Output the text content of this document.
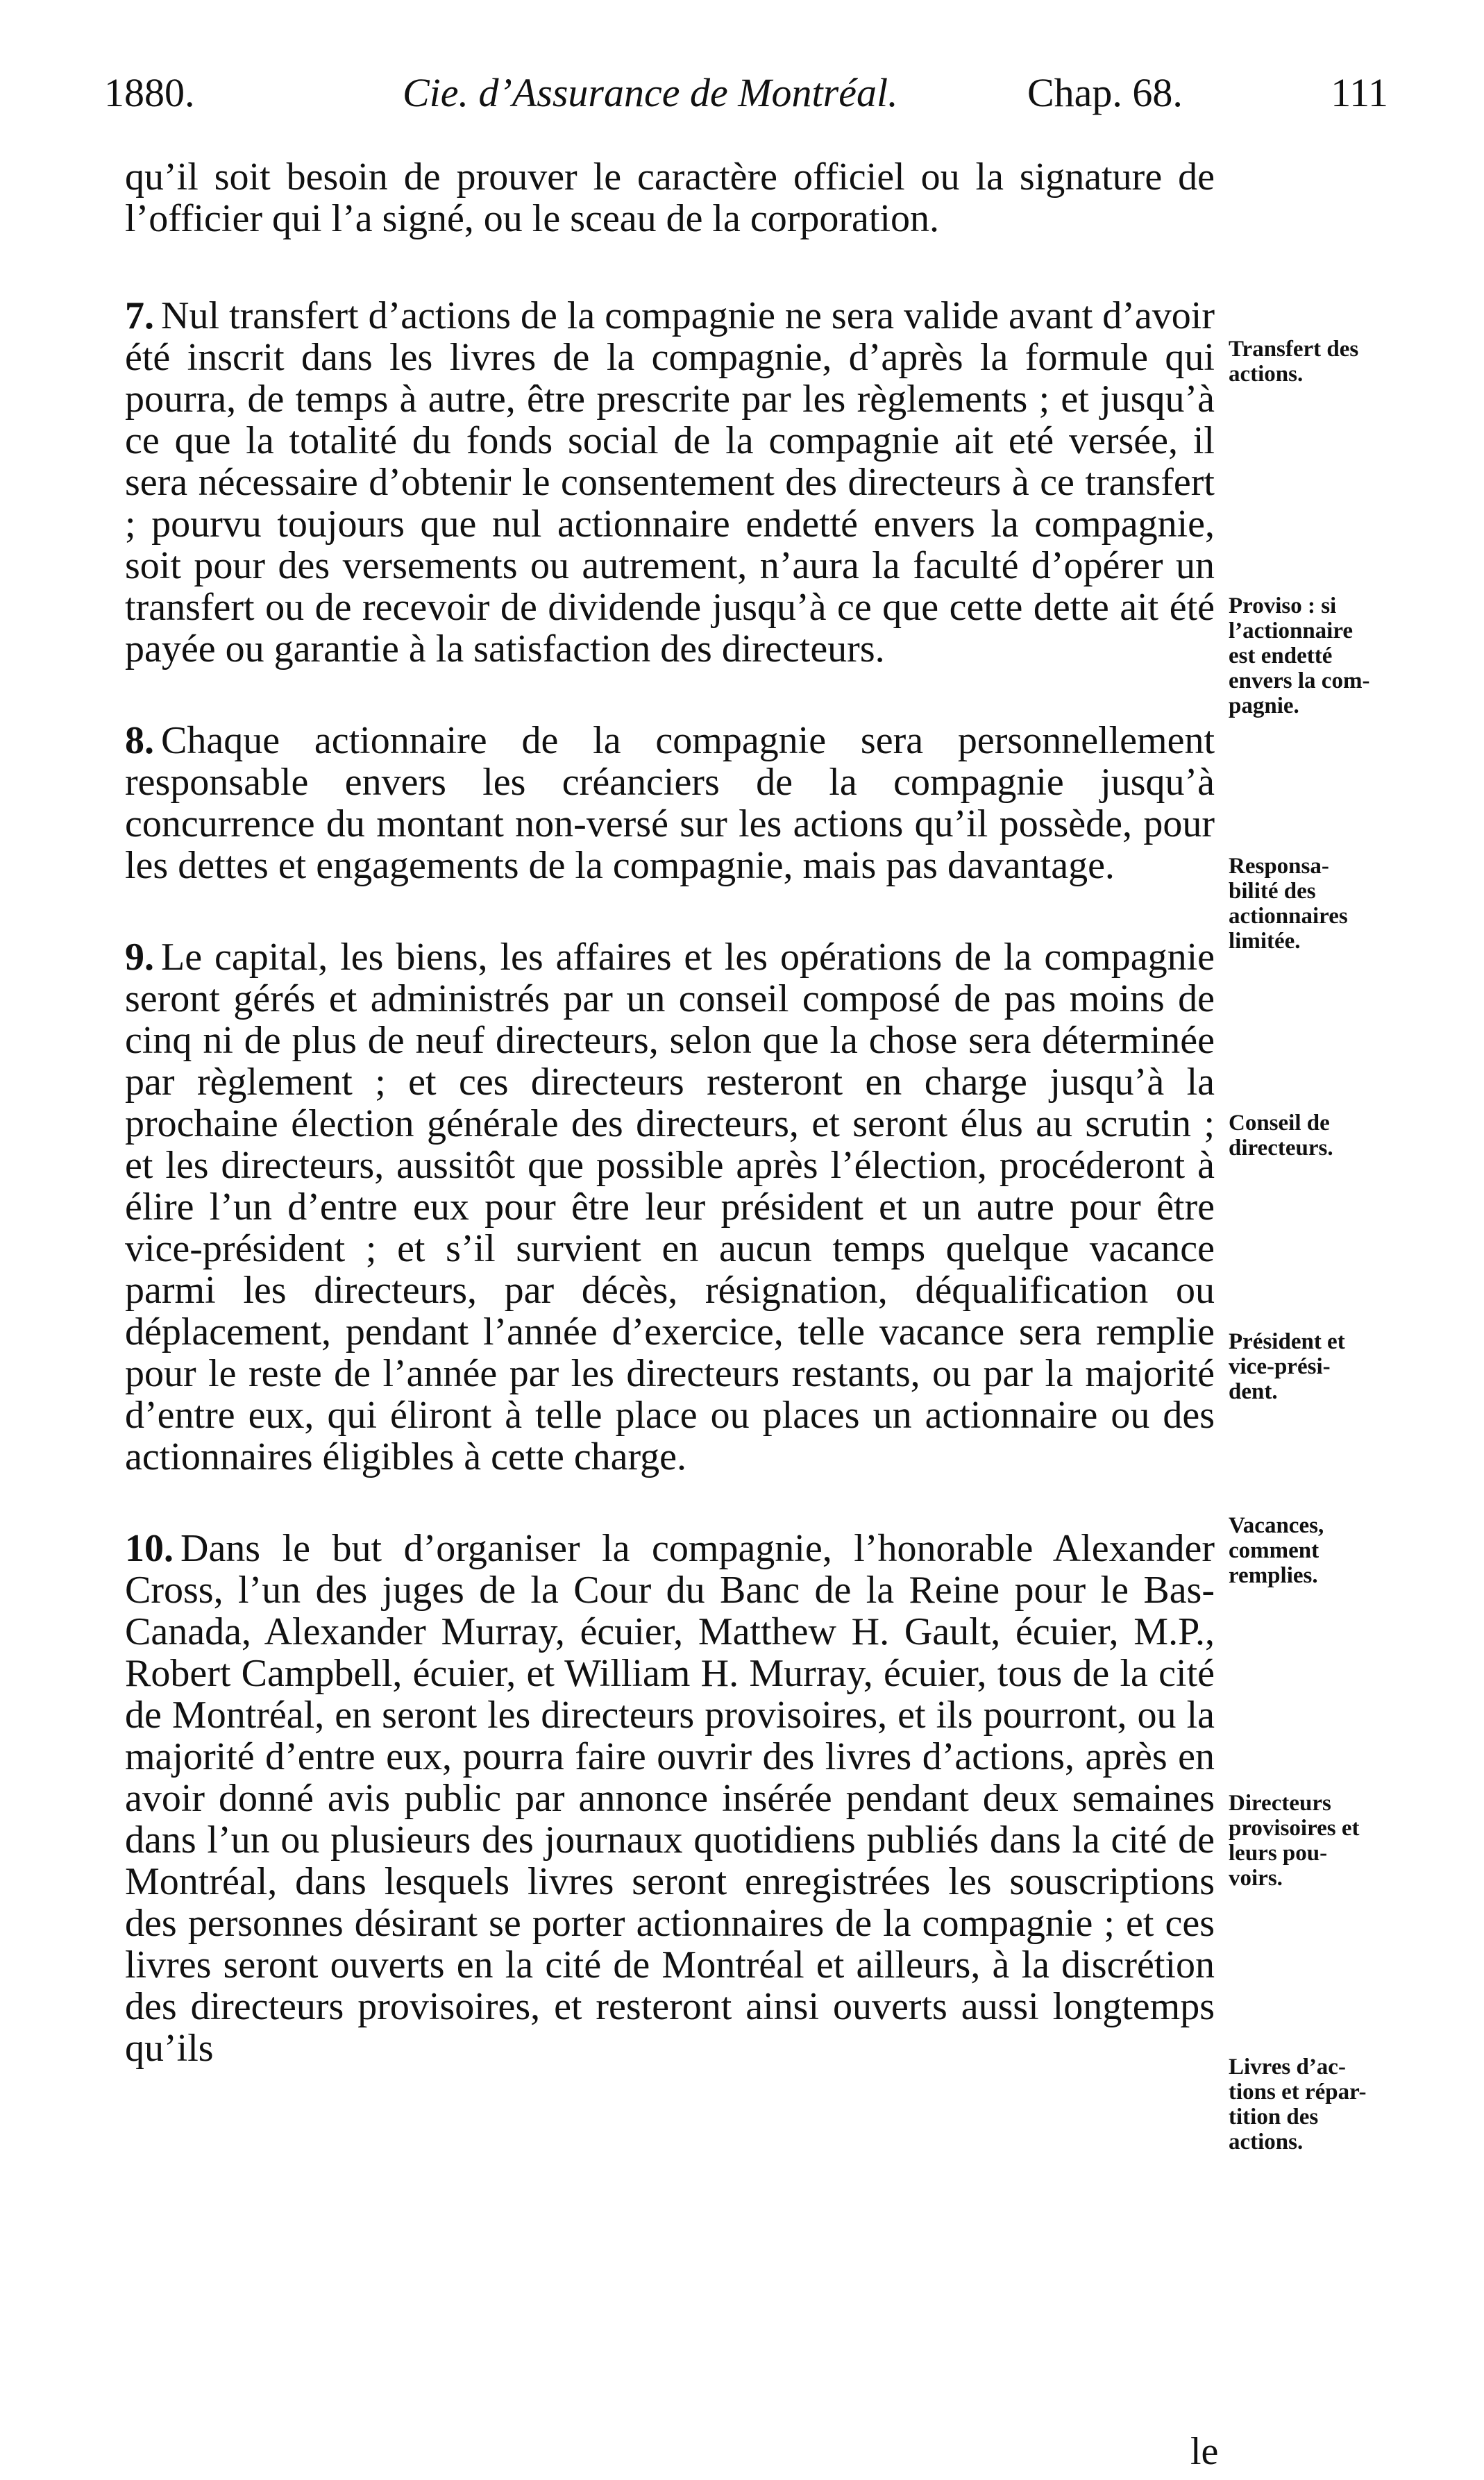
1880.	Cie. d’Assurance de Montréal.	Chap. 68.	111

qu’il soit besoin de prouver le caractère officiel ou la signature de l’officier qui l’a signé, ou le sceau de la corporation.

7. Nul transfert d’actions de la compagnie ne sera valide avant d’avoir été inscrit dans les livres de la compagnie, d’après la formule qui pourra, de temps à autre, être prescrite par les règlements ; et jusqu’à ce que la totalité du fonds social de la compagnie ait eté versée, il sera nécessaire d’obtenir le consentement des directeurs à ce transfert ; pourvu toujours que nul actionnaire endetté envers la compagnie, soit pour des versements ou autrement, n’aura la faculté d’opérer un transfert ou de recevoir de dividende jusqu’à ce que cette dette ait été payée ou garantie à la satisfaction des directeurs.

8. Chaque actionnaire de la compagnie sera personnellement responsable envers les créanciers de la compagnie jusqu’à concurrence du montant non-versé sur les actions qu’il possède, pour les dettes et engagements de la compagnie, mais pas davantage.

9. Le capital, les biens, les affaires et les opérations de la compagnie seront gérés et administrés par un conseil composé de pas moins de cinq ni de plus de neuf directeurs, selon que la chose sera déterminée par règlement ; et ces directeurs resteront en charge jusqu’à la prochaine élection générale des directeurs, et seront élus au scrutin ; et les directeurs, aussitôt que possible après l’élection, procéderont à élire l’un d’entre eux pour être leur président et un autre pour être vice-président ; et s’il survient en aucun temps quelque vacance parmi les directeurs, par décès, résignation, déqualification ou déplacement, pendant l’année d’exercice, telle vacance sera remplie pour le reste de l’année par les directeurs restants, ou par la majorité d’entre eux, qui éliront à telle place ou places un actionnaire ou des actionnaires éligibles à cette charge.

10. Dans le but d’organiser la compagnie, l’honorable Alexander Cross, l’un des juges de la Cour du Banc de la Reine pour le Bas-Canada, Alexander Murray, écuier, Matthew H. Gault, écuier, M.P., Robert Campbell, écuier, et William H. Murray, écuier, tous de la cité de Montréal, en seront les directeurs provisoires, et ils pourront, ou la majorité d’entre eux, pourra faire ouvrir des livres d’actions, après en avoir donné avis public par annonce insérée pendant deux semaines dans l’un ou plusieurs des journaux quotidiens publiés dans la cité de Montréal, dans lesquels livres seront enregistrées les souscriptions des personnes désirant se porter actionnaires de la compagnie ; et ces livres seront ouverts en la cité de Montréal et ailleurs, à la discrétion des directeurs provisoires, et resteront ainsi ouverts aussi longtemps qu’ils

Transfert des
actions.
Proviso : si
l’actionnaire
est endetté
envers la com-
pagnie.
Responsa-
bilité des
actionnaires
limitée.
Conseil de
directeurs.
Président et
vice-prési-
dent.
Vacances,
comment
remplies.
Directeurs
provisoires et
leurs pou-
voirs.
Livres d’ac-
tions et répar-
tition des
actions.
le
